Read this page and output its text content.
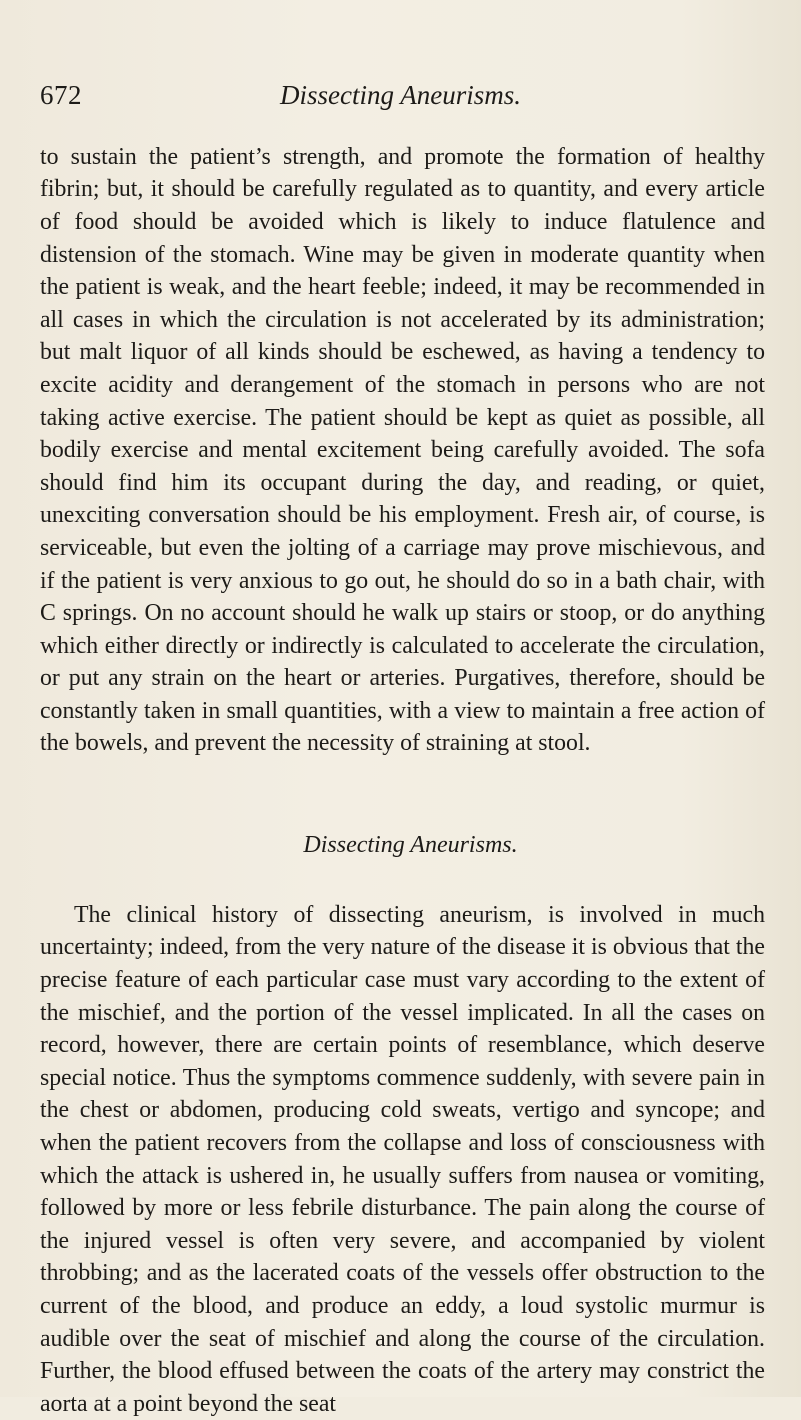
672	Dissecting Aneurisms.

to sustain the patient’s strength, and promote the formation of healthy fibrin; but, it should be carefully regulated as to quantity, and every article of food should be avoided which is likely to induce flatulence and distension of the stomach. Wine may be given in moderate quantity when the patient is weak, and the heart feeble; indeed, it may be recommended in all cases in which the circulation is not accelerated by its administration; but malt liquor of all kinds should be eschewed, as having a tendency to excite acidity and derangement of the stomach in persons who are not taking active exercise. The patient should be kept as quiet as possible, all bodily exercise and mental excitement being carefully avoided. The sofa should find him its occupant during the day, and reading, or quiet, unexciting conversation should be his employment. Fresh air, of course, is serviceable, but even the jolting of a carriage may prove mischievous, and if the patient is very anxious to go out, he should do so in a bath chair, with C springs. On no account should he walk up stairs or stoop, or do anything which either directly or indirectly is calculated to accelerate the circulation, or put any strain on the heart or arteries. Purgatives, therefore, should be constantly taken in small quantities, with a view to maintain a free action of the bowels, and prevent the necessity of straining at stool.

Dissecting Aneurisms.

The clinical history of dissecting aneurism, is involved in much uncertainty; indeed, from the very nature of the disease it is obvious that the precise feature of each particular case must vary according to the extent of the mischief, and the portion of the vessel implicated. In all the cases on record, however, there are certain points of resemblance, which deserve special notice. Thus the symptoms commence suddenly, with severe pain in the chest or abdomen, producing cold sweats, vertigo and syncope; and when the patient recovers from the collapse and loss of consciousness with which the attack is ushered in, he usually suffers from nausea or vomiting, followed by more or less febrile disturbance. The pain along the course of the injured vessel is often very severe, and accompanied by violent throbbing; and as the lacerated coats of the vessels offer obstruction to the current of the blood, and produce an eddy, a loud systolic murmur is audible over the seat of mischief and along the course of the circulation. Further, the blood effused between the coats of the artery may constrict the aorta at a point beyond the seat
